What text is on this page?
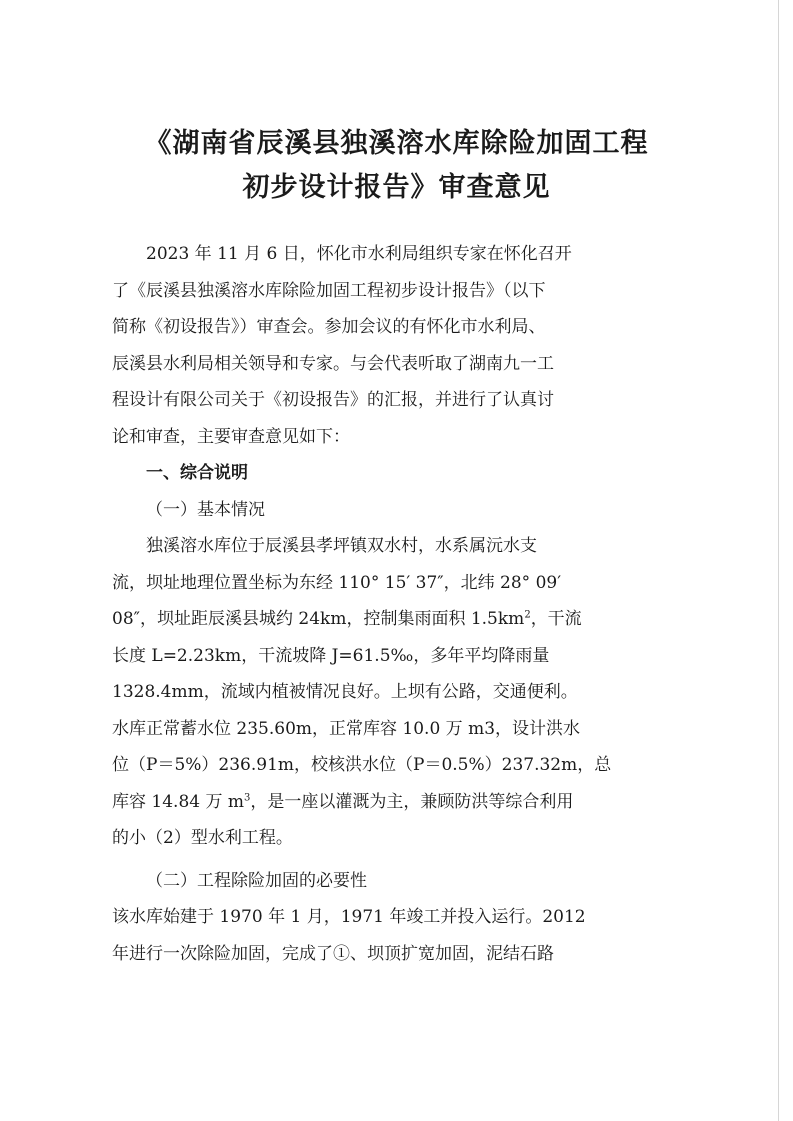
《湖南省辰溪县独溪溶水库除险加固工程
初步设计报告》审查意见
2023 年 11 月 6 日，怀化市水利局组织专家在怀化召开
了《辰溪县独溪溶水库除险加固工程初步设计报告》（以下
简称《初设报告》）审查会。参加会议的有怀化市水利局、
辰溪县水利局相关领导和专家。与会代表听取了湖南九一工
程设计有限公司关于《初设报告》的汇报，并进行了认真讨
论和审查，主要审查意见如下：
一、综合说明
（一）基本情况
独溪溶水库位于辰溪县孝坪镇双水村，水系属沅水支
流，坝址地理位置坐标为东经 110° 15′ 37″，北纬 28° 09′
08″，坝址距辰溪县城约 24km，控制集雨面积 $1.5km^2$，干流
长度 L=2.23km，干流坡降 J=61.5‰，多年平均降雨量
1328.4mm，流域内植被情况良好。上坝有公路，交通便利。
水库正常蓄水位 235.60m，正常库容 10.0 万 m3，设计洪水
位（P＝5%）236.91m，校核洪水位（P＝0.5%）237.32m，总
库容 14.84 万 $m^3$，是一座以灌溉为主，兼顾防洪等综合利用
的小（2）型水利工程。
（二）工程除险加固的必要性
该水库始建于 1970 年 1 月，1971 年竣工并投入运行。2012
年进行一次除险加固，完成了①、坝顶扩宽加固，泥结石路
